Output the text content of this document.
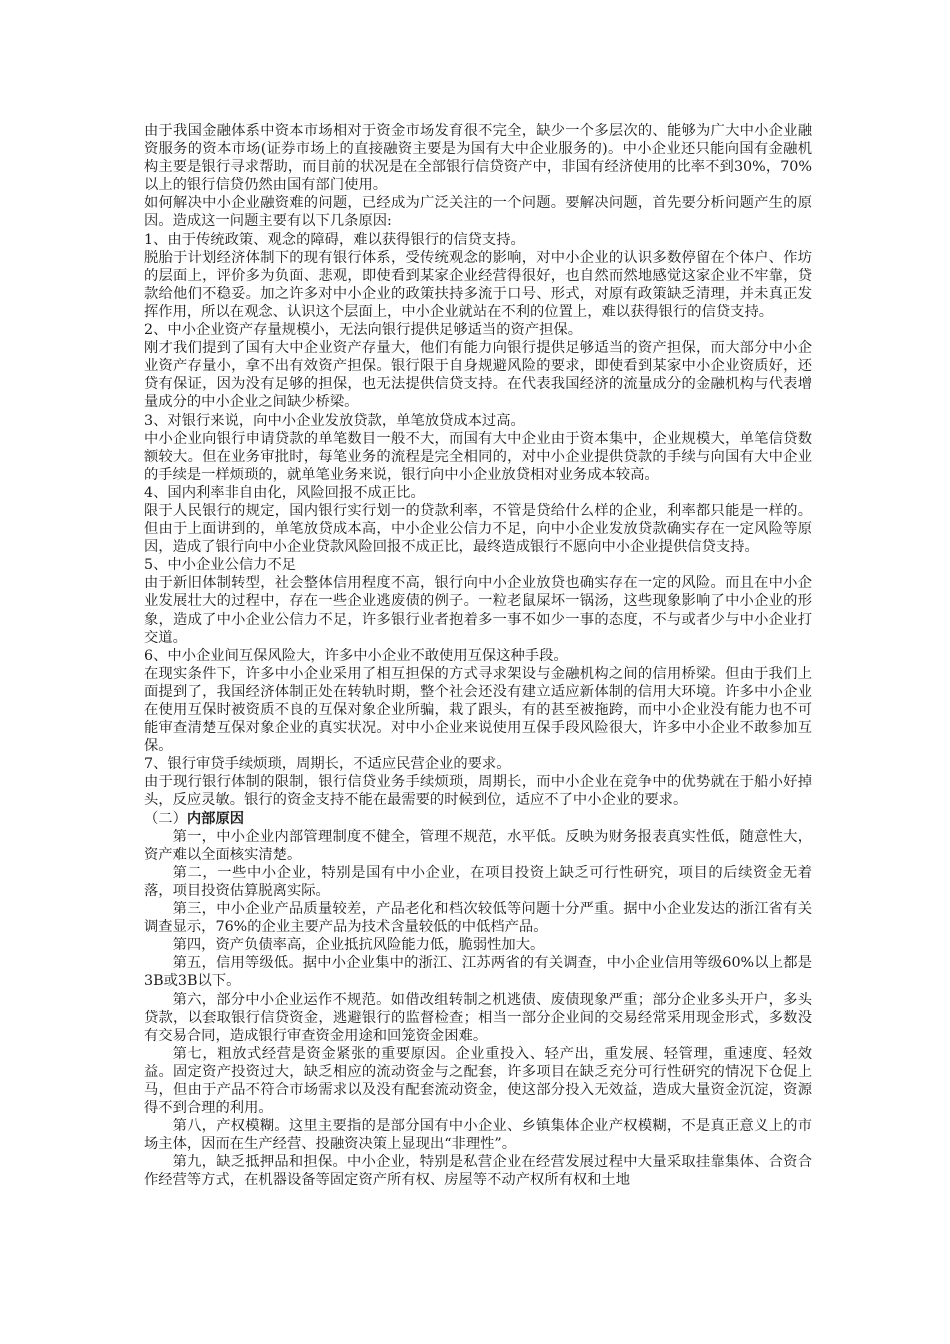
由于我国金融体系中资本市场相对于资金市场发育很不完全，缺少一个多层次的、能够为广大中小企业融资服务的资本市场(证券市场上的直接融资主要是为国有大中企业服务的)。中小企业还只能向国有金融机构主要是银行寻求帮助，而目前的状况是在全部银行信贷资产中，非国有经济使用的比率不到30%，70%以上的银行信贷仍然由国有部门使用。

如何解决中小企业融资难的问题，已经成为广泛关注的一个问题。要解决问题，首先要分析问题产生的原因。造成这一问题主要有以下几条原因:

1、由于传统政策、观念的障碍，难以获得银行的信贷支持。

脱胎于计划经济体制下的现有银行体系，受传统观念的影响，对中小企业的认识多数停留在个体户、作坊的层面上，评价多为负面、悲观，即使看到某家企业经营得很好，也自然而然地感觉这家企业不牢靠，贷款给他们不稳妥。加之许多对中小企业的政策扶持多流于口号、形式，对原有政策缺乏清理，并未真正发挥作用，所以在观念、认识这个层面上，中小企业就站在不利的位置上，难以获得银行的信贷支持。

2、中小企业资产存量规模小，无法向银行提供足够适当的资产担保。

刚才我们提到了国有大中企业资产存量大，他们有能力向银行提供足够适当的资产担保，而大部分中小企业资产存量小，拿不出有效资产担保。银行限于自身规避风险的要求，即使看到某家中小企业资质好，还贷有保证，因为没有足够的担保，也无法提供信贷支持。在代表我国经济的流量成分的金融机构与代表增量成分的中小企业之间缺少桥梁。

3、对银行来说，向中小企业发放贷款，单笔放贷成本过高。

中小企业向银行申请贷款的单笔数目一般不大，而国有大中企业由于资本集中，企业规模大，单笔信贷数额较大。但在业务审批时，每笔业务的流程是完全相同的，对中小企业提供贷款的手续与向国有大中企业的手续是一样烦琐的，就单笔业务来说，银行向中小企业放贷相对业务成本较高。

4、国内利率非自由化，风险回报不成正比。

限于人民银行的规定，国内银行实行划一的贷款利率，不管是贷给什么样的企业，利率都只能是一样的。但由于上面讲到的，单笔放贷成本高，中小企业公信力不足，向中小企业发放贷款确实存在一定风险等原因，造成了银行向中小企业贷款风险回报不成正比，最终造成银行不愿向中小企业提供信贷支持。

5、中小企业公信力不足

由于新旧体制转型，社会整体信用程度不高，银行向中小企业放贷也确实存在一定的风险。而且在中小企业发展壮大的过程中，存在一些企业逃废债的例子。一粒老鼠屎坏一锅汤，这些现象影响了中小企业的形象，造成了中小企业公信力不足，许多银行业者抱着多一事不如少一事的态度，不与或者少与中小企业打交道。

6、中小企业间互保风险大，许多中小企业不敢使用互保这种手段。

在现实条件下，许多中小企业采用了相互担保的方式寻求架设与金融机构之间的信用桥梁。但由于我们上面提到了，我国经济体制正处在转轨时期，整个社会还没有建立适应新体制的信用大环境。许多中小企业在使用互保时被资质不良的互保对象企业所骗，栽了跟头，有的甚至被拖跨，而中小企业没有能力也不可能审查清楚互保对象企业的真实状况。对中小企业来说使用互保手段风险很大，许多中小企业不敢参加互保。

7、银行审贷手续烦琐，周期长，不适应民营企业的要求。

由于现行银行体制的限制，银行信贷业务手续烦琐，周期长，而中小企业在竞争中的优势就在于船小好掉头，反应灵敏。银行的资金支持不能在最需要的时候到位，适应不了中小企业的要求。

（二）内部原因

第一，中小企业内部管理制度不健全，管理不规范，水平低。反映为财务报表真实性低，随意性大，资产难以全面核实清楚。

第二，一些中小企业，特别是国有中小企业，在项目投资上缺乏可行性研究，项目的后续资金无着落，项目投资估算脱离实际。

第三，中小企业产品质量较差，产品老化和档次较低等问题十分严重。据中小企业发达的浙江省有关调查显示，76%的企业主要产品为技术含量较低的中低档产品。

第四，资产负债率高，企业抵抗风险能力低，脆弱性加大。

第五，信用等级低。据中小企业集中的浙江、江苏两省的有关调查，中小企业信用等级60%以上都是3B或3B以下。

第六，部分中小企业运作不规范。如借改组转制之机逃债、废债现象严重；部分企业多头开户，多头贷款，以套取银行信贷资金，逃避银行的监督检查；相当一部分企业间的交易经常采用现金形式，多数没有交易合同，造成银行审查资金用途和回笼资金困难。

第七，粗放式经营是资金紧张的重要原因。企业重投入、轻产出，重发展、轻管理，重速度、轻效益。固定资产投资过大，缺乏相应的流动资金与之配套，许多项目在缺乏充分可行性研究的情况下仓促上马，但由于产品不符合市场需求以及没有配套流动资金，使这部分投入无效益，造成大量资金沉淀，资源得不到合理的利用。

第八，产权模糊。这里主要指的是部分国有中小企业、乡镇集体企业产权模糊，不是真正意义上的市场主体，因而在生产经营、投融资决策上显现出“非理性”。

第九，缺乏抵押品和担保。中小企业，特别是私营企业在经营发展过程中大量采取挂靠集体、合资合作经营等方式，在机器设备等固定资产所有权、房屋等不动产权所有权和土地
